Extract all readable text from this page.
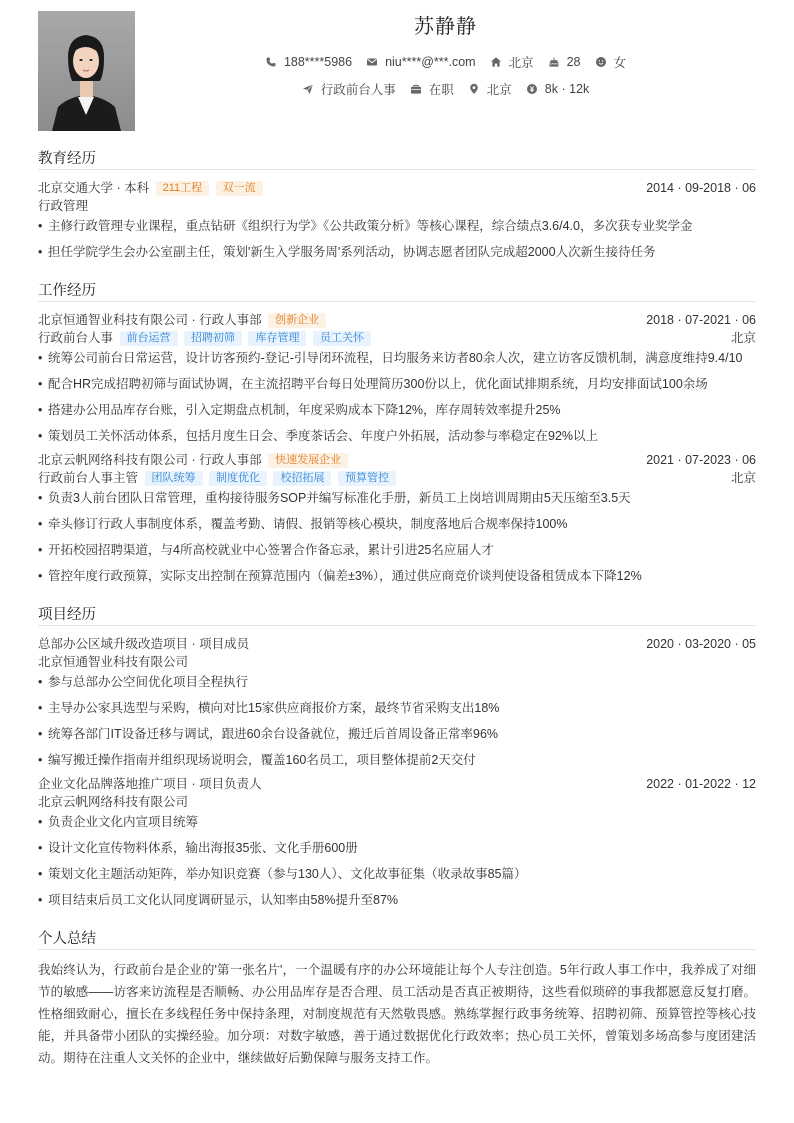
苏静静
188****5986	niu****@***.com	北京	28	女
行政前台人事	在职	北京	8k · 12k
教育经历
北京交通大学 · 本科 211工程 双一流	2014 · 09-2018 · 06
行政管理
• 主修行政管理专业课程，重点钻研《组织行为学》《公共政策分析》等核心课程，综合绩点3.6/4.0，多次获专业奖学金
• 担任学院学生会办公室副主任，策划'新生入学服务周'系列活动，协调志愿者团队完成超2000人次新生接待任务
工作经历
北京恒通智业科技有限公司 · 行政人事部 创新企业	2018 · 07-2021 · 06
行政前台人事 前台运营 招聘初筛 库存管理 员工关怀	北京
• 统筹公司前台日常运营，设计访客预约-登记-引导闭环流程，日均服务来访者80余人次，建立访客反馈机制，满意度维持9.4/10
• 配合HR完成招聘初筛与面试协调，在主流招聘平台每日处理简历300份以上，优化面试排期系统，月均安排面试100余场
• 搭建办公用品库存台账，引入定期盘点机制，年度采购成本下降12%，库存周转效率提升25%
• 策划员工关怀活动体系，包括月度生日会、季度茶话会、年度户外拓展，活动参与率稳定在92%以上
北京云帆网络科技有限公司 · 行政人事部 快速发展企业	2021 · 07-2023 · 06
行政前台人事主管 团队统筹 制度优化 校招拓展 预算管控	北京
• 负责3人前台团队日常管理，重构接待服务SOP并编写标准化手册，新员工上岗培训周期由5天压缩至3.5天
• 牵头修订行政人事制度体系，覆盖考勤、请假、报销等核心模块，制度落地后合规率保持100%
• 开拓校园招聘渠道，与4所高校就业中心签署合作备忘录，累计引进25名应届人才
• 管控年度行政预算，实际支出控制在预算范围内（偏差±3%），通过供应商竞价谈判使设备租赁成本下降12%
项目经历
总部办公区域升级改造项目 · 项目成员	2020 · 03-2020 · 05
北京恒通智业科技有限公司
• 参与总部办公空间优化项目全程执行
• 主导办公家具选型与采购，横向对比15家供应商报价方案，最终节省采购支出18%
• 统筹各部门IT设备迁移与调试，跟进60余台设备就位，搬迁后首周设备正常率96%
• 编写搬迁操作指南并组织现场说明会，覆盖160名员工，项目整体提前2天交付
企业文化品牌落地推广项目 · 项目负责人	2022 · 01-2022 · 12
北京云帆网络科技有限公司
• 负责企业文化内宣项目统筹
• 设计文化宣传物料体系，输出海报35张、文化手册600册
• 策划文化主题活动矩阵，举办知识竞赛（参与130人）、文化故事征集（收录故事85篇）
• 项目结束后员工文化认同度调研显示，认知率由58%提升至87%
个人总结
我始终认为，行政前台是企业的'第一张名片'，一个温暖有序的办公环境能让每个人专注创造。5年行政人事工作中，我养成了对细节的敏感——访客来访流程是否顺畅、办公用品库存是否合理、员工活动是否真正被期待，这些看似琐碎的事我都愿意反复打磨。性格细致耐心，擅长在多线程任务中保持条理，对制度规范有天然敬畏感。熟练掌握行政事务统筹、招聘初筛、预算管控等核心技能，并具备带小团队的实操经验。加分项：对数字敏感，善于通过数据优化行政效率；热心员工关怀，曾策划多场高参与度团建活动。期待在注重人文关怀的企业中，继续做好后勤保障与服务支持工作。
